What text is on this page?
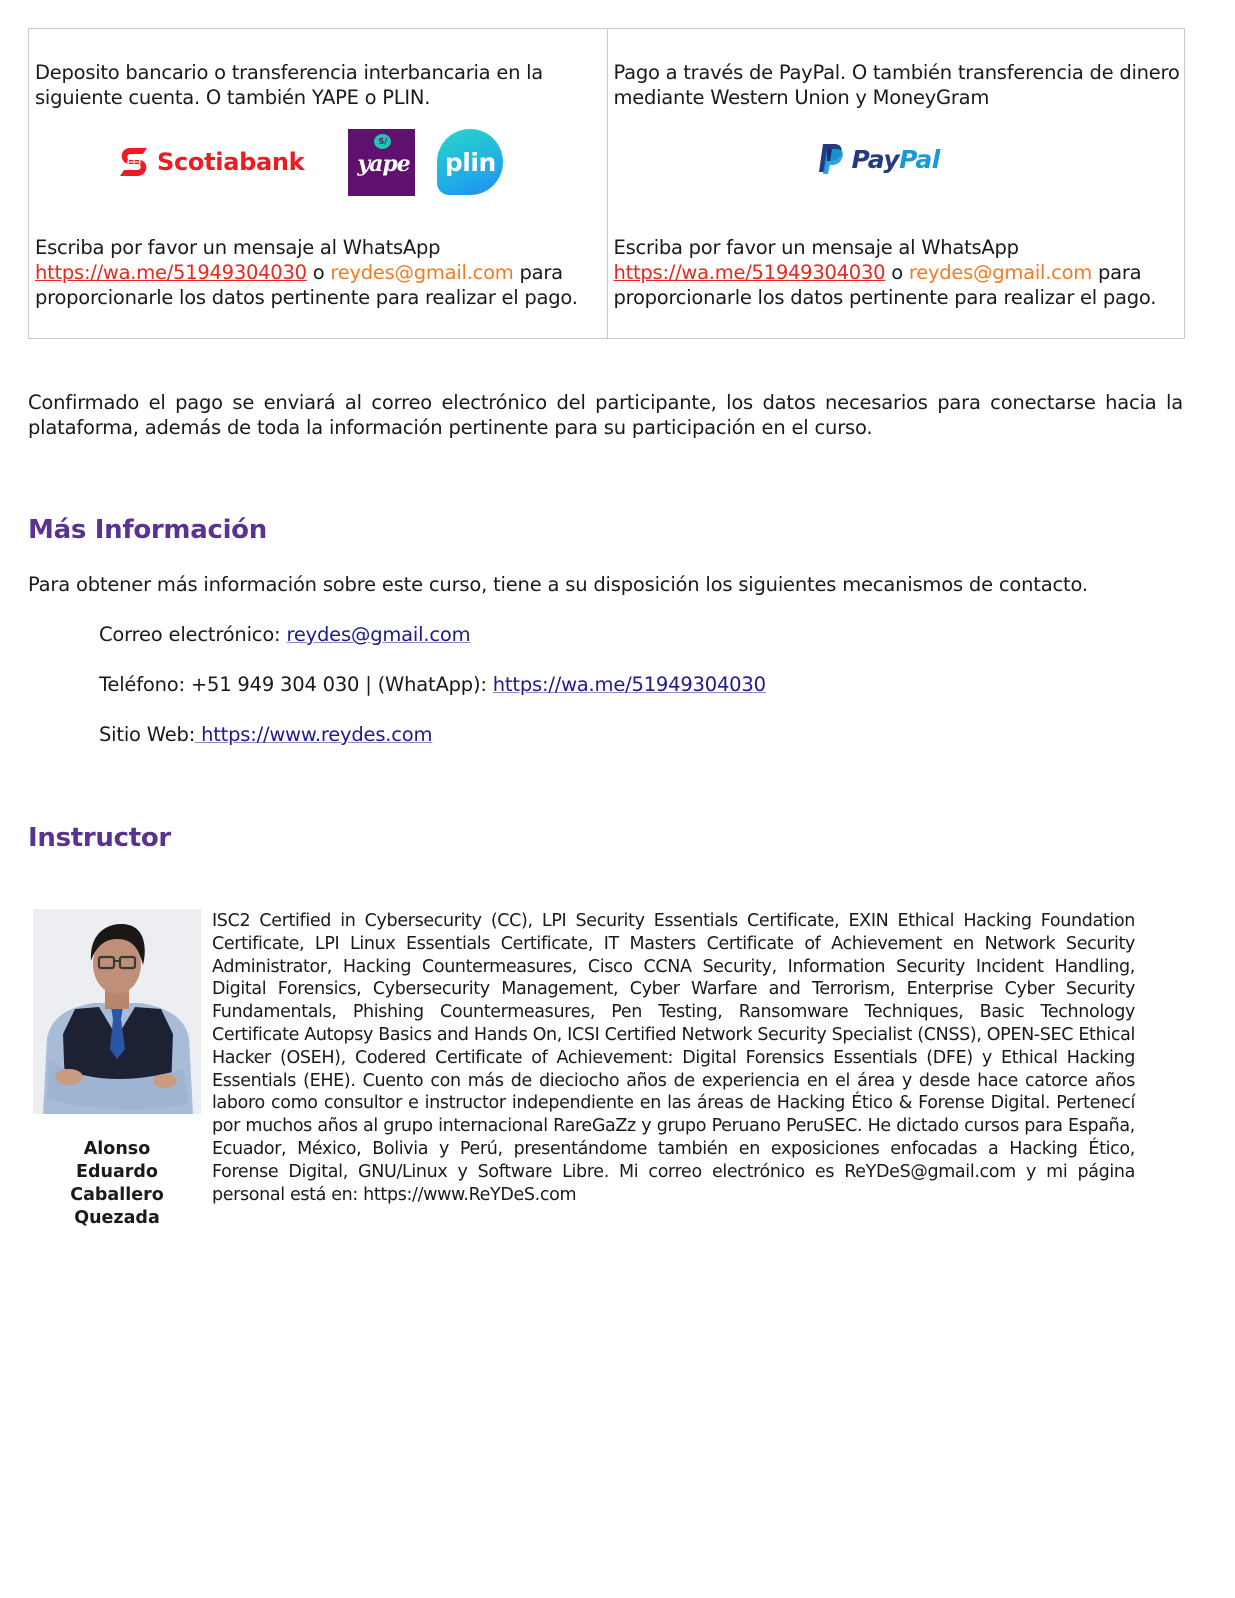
Deposito bancario o transferencia interbancaria en la siguiente cuenta. O también YAPE o PLIN.
Scotiabank
S/
yape plin
Escriba por favor un mensaje al WhatsApp
https://wa.me/51949304030 o reydes@gmail.com para
proporcionarle los datos pertinente para realizar el pago.
Pago a través de PayPal. O también transferencia de dinero mediante Western Union y MoneyGram
PayPal
Escriba por favor un mensaje al WhatsApp
https://wa.me/51949304030 o reydes@gmail.com para
proporcionarle los datos pertinente para realizar el pago.

Confirmado el pago se enviará al correo electrónico del participante, los datos necesarios para conectarse hacia la plataforma, además de toda la información pertinente para su participación en el curso.

Más Información

Para obtener más información sobre este curso, tiene a su disposición los siguientes mecanismos de contacto.

Correo electrónico: reydes@gmail.com
Teléfono: +51 949 304 030 | (WhatApp): https://wa.me/51949304030
Sitio Web: https://www.reydes.com
Instructor
Alonso
Eduardo
Caballero
Quezada

ISC2 Certified in Cybersecurity (CC), LPI Security Essentials Certificate, EXIN Ethical Hacking Foundation Certificate, LPI Linux Essentials Certificate, IT Masters Certificate of Achievement en Network Security Administrator, Hacking Countermeasures, Cisco CCNA Security, Information Security Incident Handling, Digital Forensics, Cybersecurity Management, Cyber Warfare and Terrorism, Enterprise Cyber Security Fundamentals, Phishing Countermeasures, Pen Testing, Ransomware Techniques, Basic Technology Certificate Autopsy Basics and Hands On, ICSI Certified Network Security Specialist (CNSS), OPEN-SEC Ethical Hacker (OSEH), Codered Certificate of Achievement: Digital Forensics Essentials (DFE) y Ethical Hacking Essentials (EHE). Cuento con más de dieciocho años de experiencia en el área y desde hace catorce años laboro como consultor e instructor independiente en las áreas de Hacking Ético & Forense Digital. Pertenecí por muchos años al grupo internacional RareGaZz y grupo Peruano PeruSEC. He dictado cursos para España, Ecuador, México, Bolivia y Perú, presentándome también en exposiciones enfocadas a Hacking Ético, Forense Digital, GNU/Linux y Software Libre. Mi correo electrónico es ReYDeS@gmail.com y mi página personal está en: https://www.ReYDeS.com
